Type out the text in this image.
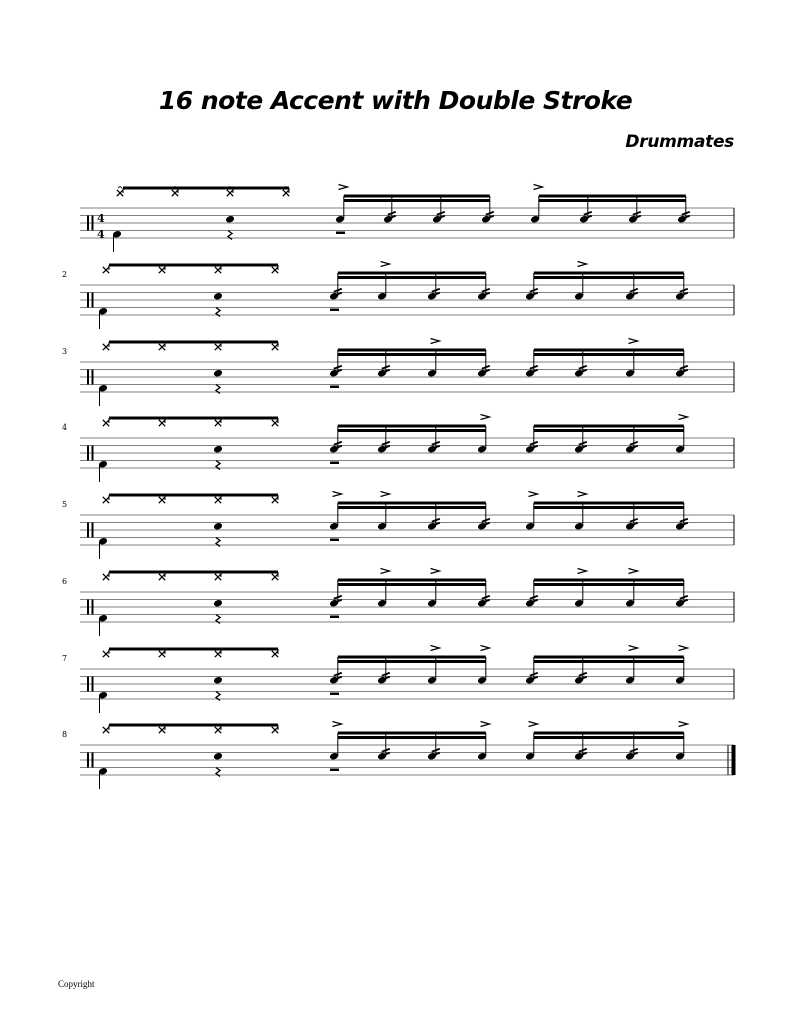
16 note Accent with Double Stroke
Drummates
4
4
2
3
4
5
6
7
8
Copyright
